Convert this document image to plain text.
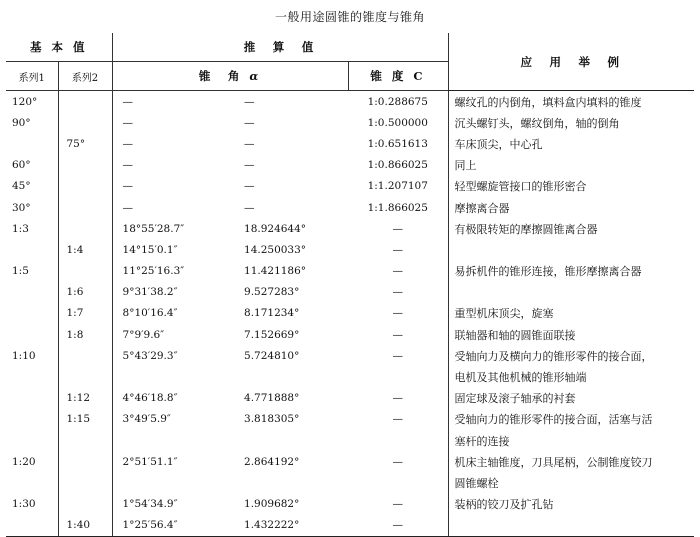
一般用途圆锥的锥度与锥角
基 本 值		推　算　值			应　用　举　例
系列1	系列2	锥　角 α		锥 度 C	
120°		—	—	1:0.288675	螺纹孔的内倒角，填料盒内填料的锥度
90°		—	—	1:0.500000	沉头螺钉头，螺纹倒角，轴的倒角
	75°	—	—	1:0.651613	车床顶尖，中心孔
60°		—	—	1:0.866025	同上
45°		—	—	1:1.207107	轻型螺旋管接口的锥形密合
30°		—	—	1:1.866025	摩擦离合器
1:3		18°55′28.7″	18.924644°	—	有极限转矩的摩擦圆锥离合器
	1:4	14°15′0.1″	14.250033°	—	
1:5		11°25′16.3″	11.421186°	—	易拆机件的锥形连接，锥形摩擦离合器
	1:6	9°31′38.2″	9.527283°	—	
	1:7	8°10′16.4″	8.171234°	—	重型机床顶尖，旋塞
	1:8	7°9′9.6″	7.152669°	—	联轴器和轴的圆锥面联接
1:10		5°43′29.3″	5.724810°	—	受轴向力及横向力的锥形零件的接合面，
					电机及其他机械的锥形轴端
	1:12	4°46′18.8″	4.771888°	—	固定球及滚子轴承的衬套
	1:15	3°49′5.9″	3.818305°	—	受轴向力的锥形零件的接合面，活塞与活
					塞杆的连接
1:20		2°51′51.1″	2.864192°	—	机床主轴锥度，刀具尾柄，公制锥度铰刀
					圆锥螺栓
1:30		1°54′34.9″	1.909682°	—	装柄的铰刀及扩孔钻
	1:40	1°25′56.4″	1.432222°	—	
